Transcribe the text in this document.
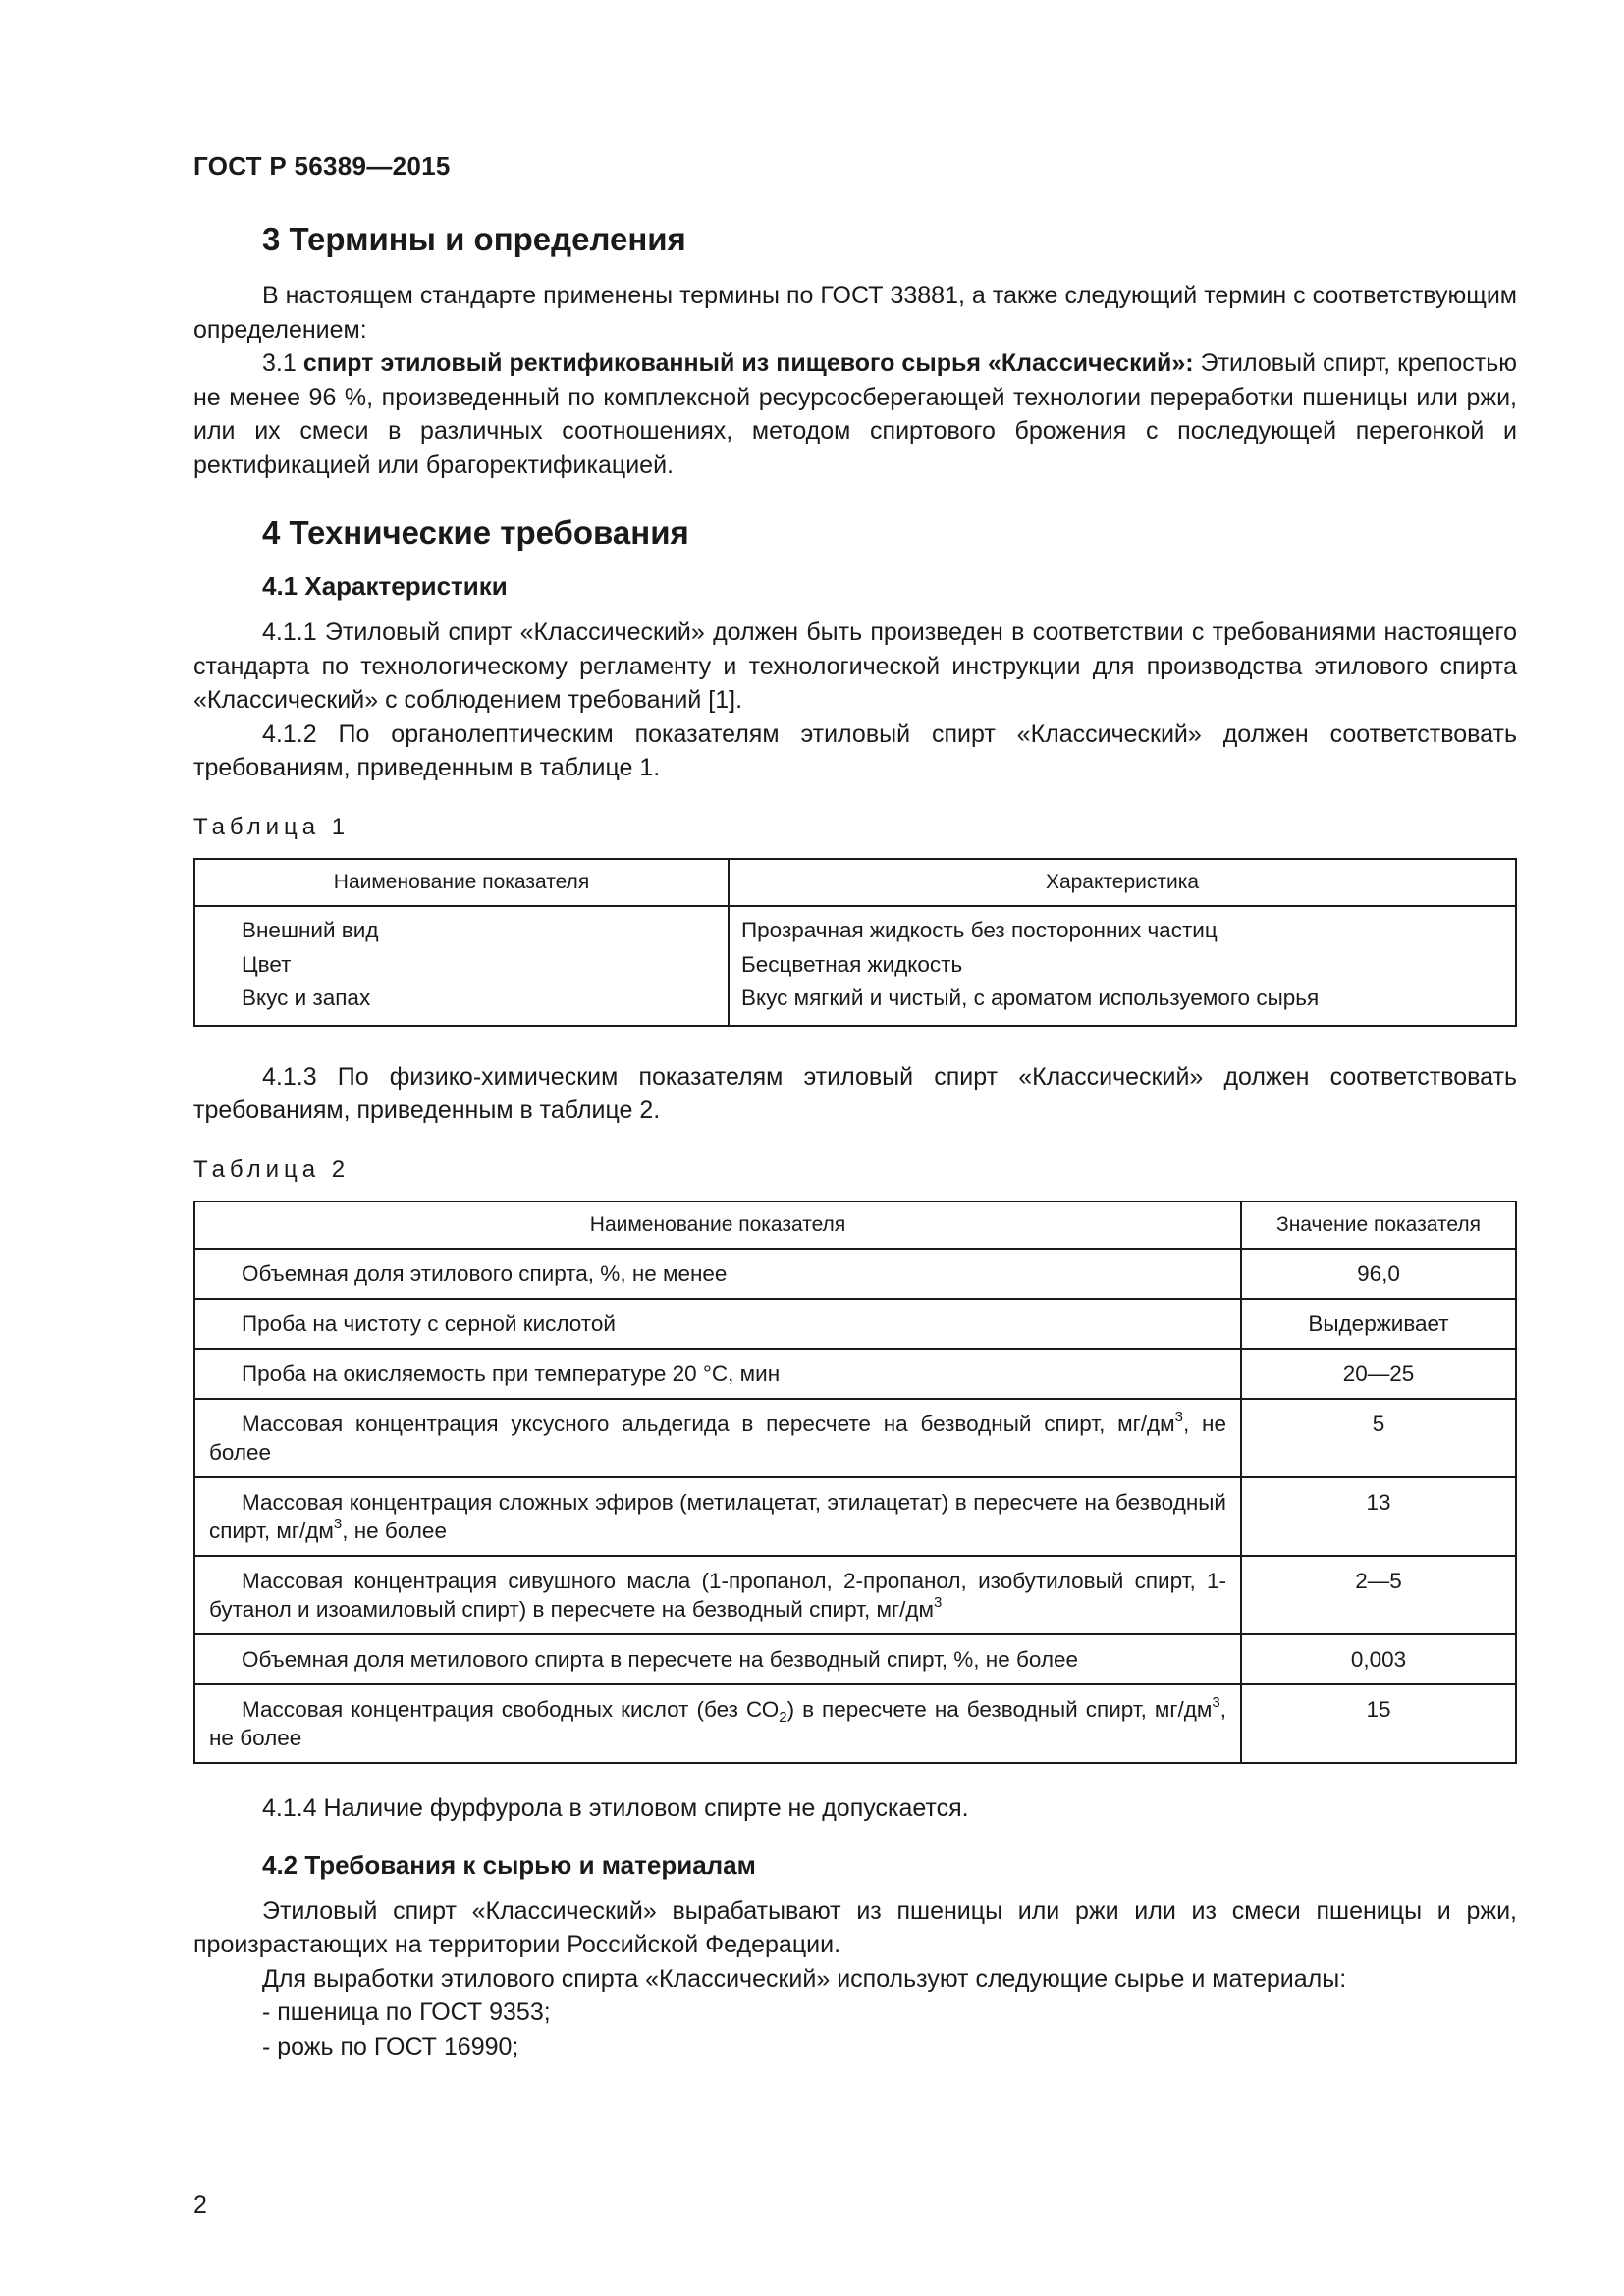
ГОСТ Р 56389—2015
3 Термины и определения

В настоящем стандарте применены термины по ГОСТ 33881, а также следующий термин с соответствующим определением:

3.1 спирт этиловый ректификованный из пищевого сырья «Классический»: Этиловый спирт, крепостью не менее 96 %, произведенный по комплексной ресурсосберегающей технологии переработки пшеницы или ржи, или их смеси в различных соотношениях, методом спиртового брожения с последующей перегонкой и ректификацией или брагоректификацией.

4 Технические требования
4.1 Характеристики

4.1.1 Этиловый спирт «Классический» должен быть произведен в соответствии с требованиями настоящего стандарта по технологическому регламенту и технологической инструкции для производства этилового спирта «Классический» с соблюдением требований [1].

4.1.2 По органолептическим показателям этиловый спирт «Классический» должен соответствовать требованиям, приведенным в таблице 1.

Таблица 1

Наименование показателя	Характеристика
Внешний вид	Прозрачная жидкость без посторонних частиц
Цвет	Бесцветная жидкость
Вкус и запах	Вкус мягкий и чистый, с ароматом используемого сырья

4.1.3 По физико-химическим показателям этиловый спирт «Классический» должен соответствовать требованиям, приведенным в таблице 2.

Таблица 2

Наименование показателя	Значение показателя
Объемная доля этилового спирта, %, не менее	96,0
Проба на чистоту с серной кислотой	Выдерживает
Проба на окисляемость при температуре 20 °С, мин	20—25
Массовая концентрация уксусного альдегида в пересчете на безводный спирт, $мг/дм^3$, не более	5
Массовая концентрация сложных эфиров (метилацетат, этилацетат) в пересчете на безводный спирт, $мг/дм^3$, не более	13
Массовая концентрация сивушного масла (1-пропанол, 2-пропанол, изобутиловый спирт, 1-бутанол и изоамиловый спирт) в пересчете на безводный спирт, $мг/дм^3$	2—5
Объемная доля метилового спирта в пересчете на безводный спирт, %, не более	0,003
Массовая концентрация свободных кислот (без $СО_2$) в пересчете на безводный спирт, $мг/дм^3$, не более	15

4.1.4 Наличие фурфурола в этиловом спирте не допускается.

4.2 Требования к сырью и материалам

Этиловый спирт «Классический» вырабатывают из пшеницы или ржи или из смеси пшеницы и ржи, произрастающих на территории Российской Федерации.

Для выработки этилового спирта «Классический» используют следующие сырье и материалы:

- пшеница по ГОСТ 9353;
- рожь по ГОСТ 16990;
2
